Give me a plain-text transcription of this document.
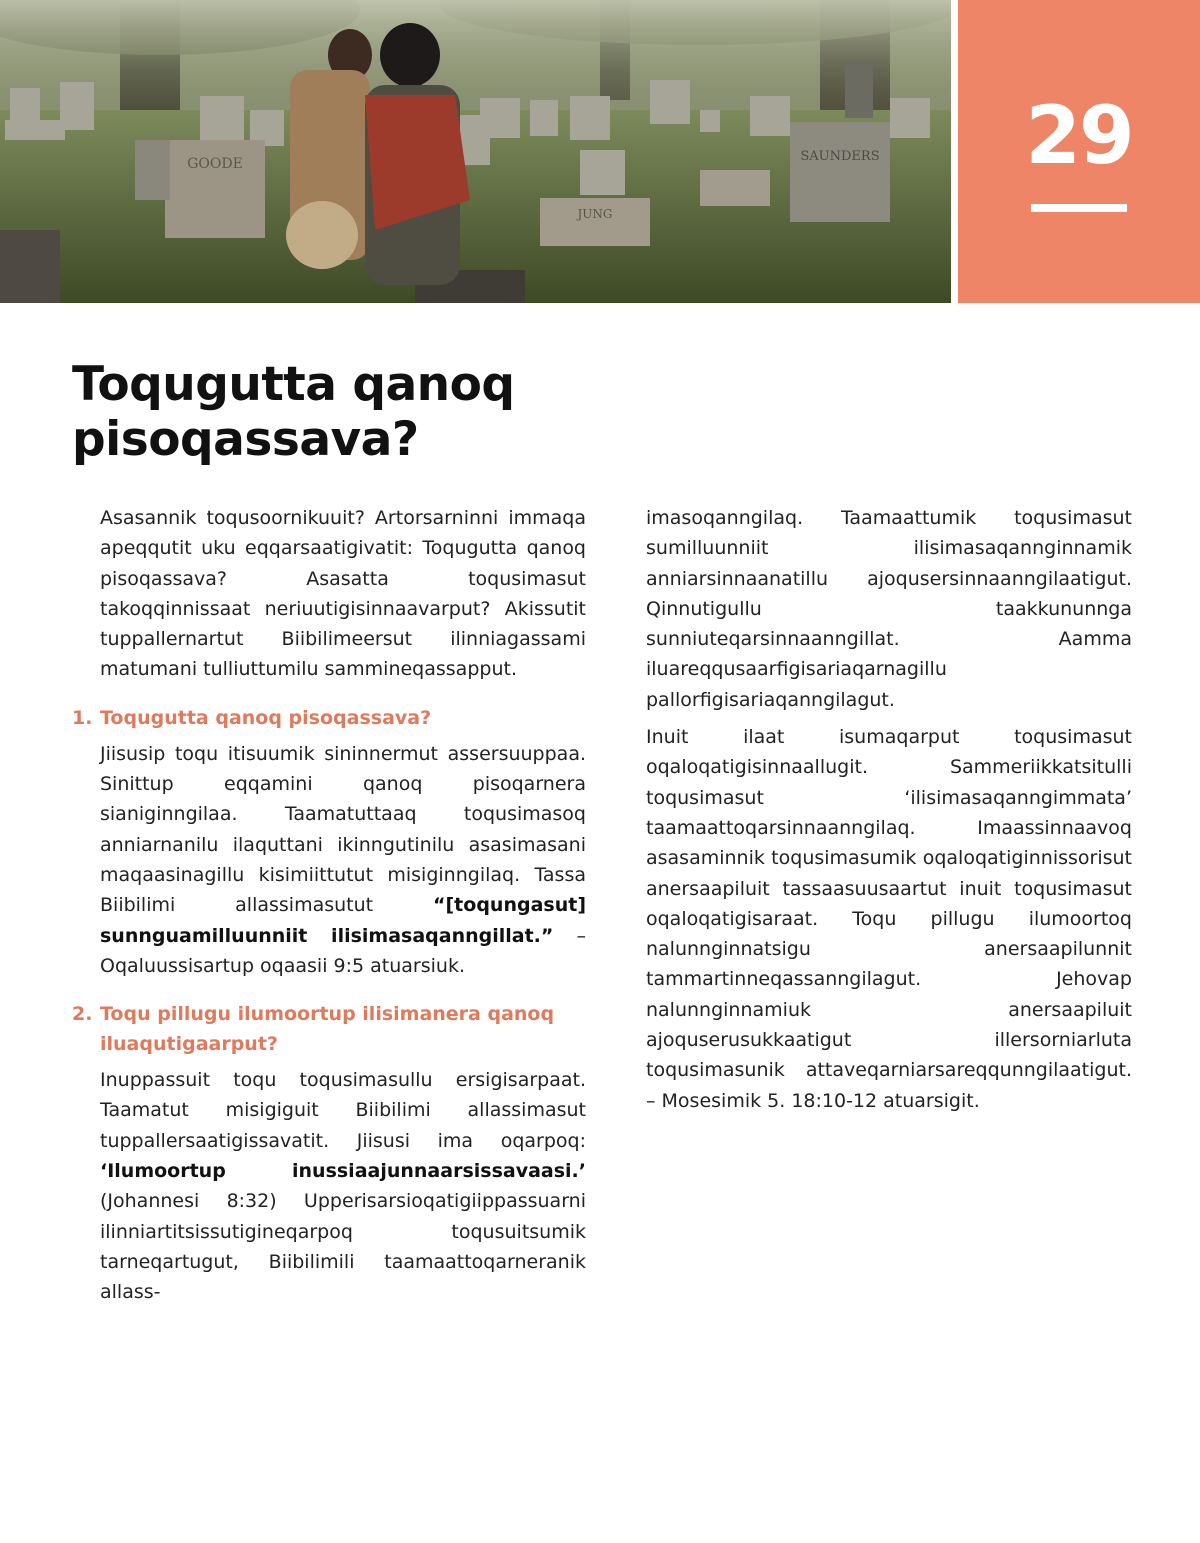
GOODE	SAUNDERS
JUNG
29
Toqugutta qanoq pisoqassava?

Asasannik toqusoornikuuit? Artorsarninni immaqa apeqqutit uku eqqarsaatigivatit: Toqugutta qanoq pisoqassava? Asasatta toqusimasut takoqqinnissaat neriuutigisinnaavarput? Akissutit tuppallernartut Biibilimeersut ilinniagassami matumani tulliuttumilu sammineqassapput.

1. Toqugutta qanoq pisoqassava?

Jiisusip toqu itisuumik sininnermut assersuuppaa. Sinittup eqqamini qanoq pisoqarnera sianiginngilaa. Taamatuttaaq toqusimasoq anniarnanilu ilaquttani ikinngutinilu asasimasani maqaasinagillu kisimiittutut misiginngilaq. Tassa Biibilimi allassimasutut “[toqungasut] sunnguamilluunniit ilisimasaqanngillat.” – Oqaluussisartup oqaasii 9:5 atuarsiuk.

2. Toqu pillugu ilumoortup ilisimanera qanoq iluaqutigaarput?

Inuppassuit toqu toqusimasullu ersigisarpaat. Taamatut misigiguit Biibilimi allassimasut tuppallersaatigissavatit. Jiisusi ima oqarpoq: ‘Ilumoortup inussiaajunnaarsissavaasi.’ (Johannesi 8:32) Upperisarsioqatigiippassuarni ilinniartitsissutigineqarpoq toqusuitsumik tarneqartugut, Biibilimili taamaattoqarneranik allass-

imasoqanngilaq. Taamaattumik toqusimasut sumilluunniit ilisimasaqannginnamik anniarsinnaanatillu ajoqusersinnaanngilaatigut. Qinnutigullu taakkununnga sunniuteqarsinnaanngillat. Aamma iluareqqusaarfigisariaqarnagillu pallorfigisariaqanngilagut.

Inuit ilaat isumaqarput toqusimasut oqaloqatigisinnaallugit. Sammeriikkatsitulli toqusimasut ‘ilisimasaqanngimmata’ taamaattoqarsinnaanngilaq. Imaassinnaavoq asasaminnik toqusimasumik oqaloqatiginnissorisut anersaapiluit tassaasuusaartut inuit toqusimasut oqaloqatigisaraat. Toqu pillugu ilumoortoq nalunnginnatsigu anersaapilunnit tammartinneqassanngilagut. Jehovap nalunnginnamiuk anersaapiluit ajoquserusukkaatigut illersorniarluta toqusimasunik attaveqarniarsareqqunngilaatigut. – Mosesimik 5. 18:10-12 atuarsigit.
